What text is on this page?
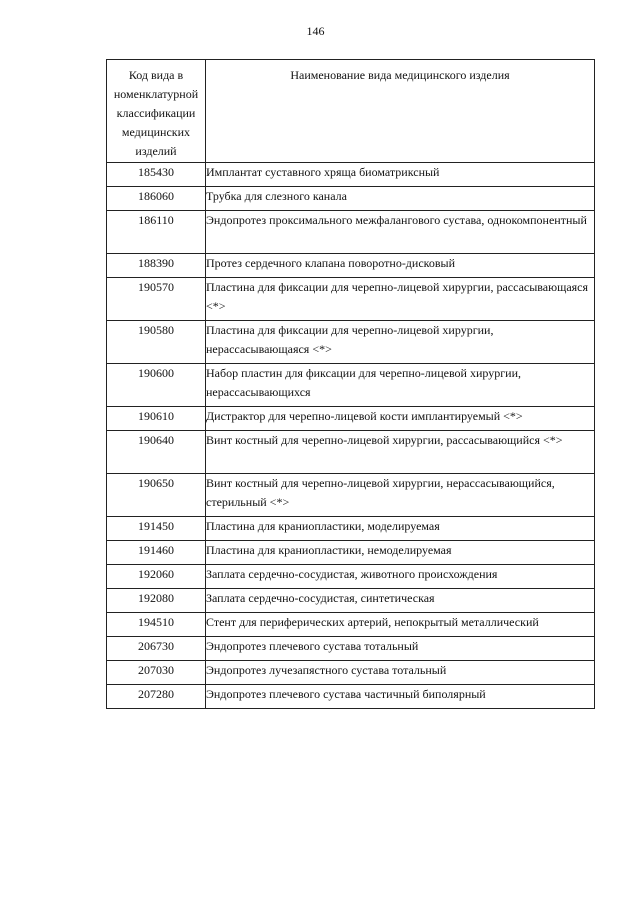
146
Код вида в номенклатурной классификации медицинских изделий	Наименование вида медицинского изделия
185430	Имплантат суставного хряща биоматриксный
186060	Трубка для слезного канала
186110	Эндопротез проксимального межфалангового сустава, однокомпонентный
188390	Протез сердечного клапана поворотно-дисковый
190570	Пластина для фиксации для черепно-лицевой хирургии, рассасывающаяся <*>
190580	Пластина для фиксации для черепно-лицевой хирургии, нерассасывающаяся <*>
190600	Набор пластин для фиксации для черепно-лицевой хирургии, нерассасывающихся
190610	Дистрактор для черепно-лицевой кости имплантируемый <*>
190640	Винт костный для черепно-лицевой хирургии, рассасывающийся <*>
190650	Винт костный для черепно-лицевой хирургии, нерассасывающийся, стерильный <*>
191450	Пластина для краниопластики, моделируемая
191460	Пластина для краниопластики, немоделируемая
192060	Заплата сердечно-сосудистая, животного происхождения
192080	Заплата сердечно-сосудистая, синтетическая
194510	Стент для периферических артерий, непокрытый металлический
206730	Эндопротез плечевого сустава тотальный
207030	Эндопротез лучезапястного сустава тотальный
207280	Эндопротез плечевого сустава частичный биполярный
